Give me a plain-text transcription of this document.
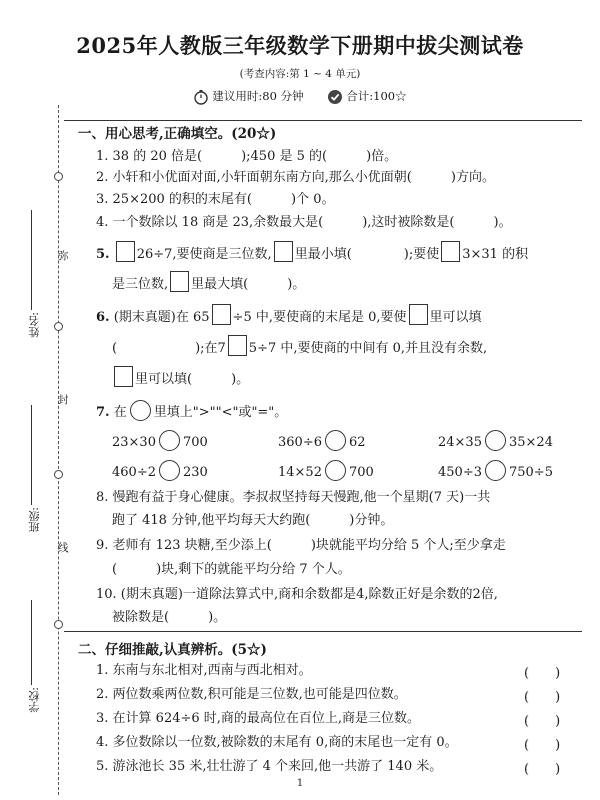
弥
封
线
姓名:
班级:
学校:
2025年人教版三年级数学下册期中拔尖测试卷
(考查内容:第 1 ~ 4 单元)
建议用时:80 分钟	合计:100☆
一、用心思考,正确填空。(20☆)
1. 38 的 20 倍是(　　　);450 是 5 的(　　　)倍。
2. 小轩和小优面对面,小轩面朝东南方向,那么小优面朝(　　　)方向。
3. 25×200 的积的末尾有(　　　)个 0。
4. 一个数除以 18 商是 23,余数最大是(　　　),这时被除数是(　　　)。
5. 26÷7,要使商是三位数, 里最小填(　　　　);要使 3×31 的积
是三位数, 里最大填(　　　)。
6. (期末真题)在 65 ÷5 中,要使商的末尾是 0,要使 里可以填
(　　　　　　);在7 5÷7 中,要使商的中间有 0,并且没有余数,
里可以填(　　　)。
7. 在 里填上">""<"或"="。
23×30 700	360÷6 62	24×35 35×24
460÷2 230	14×52 700	450÷3 750÷5
8. 慢跑有益于身心健康。李叔叔坚持每天慢跑,他一个星期(7 天)一共
跑了 418 分钟,他平均每天大约跑(　　　)分钟。
9. 老师有 123 块糖,至少添上(　　　)块就能平均分给 5 个人;至少拿走
(　　　)块,剩下的就能平均分给 7 个人。
10. (期末真题)一道除法算式中,商和余数都是4,除数正好是余数的2倍,
被除数是(　　　)。
二、仔细推敲,认真辨析。(5☆)
1. 东南与东北相对,西南与西北相对。	(　　)
2. 两位数乘两位数,积可能是三位数,也可能是四位数。	(　　)
3. 在计算 624÷6 时,商的最高位在百位上,商是三位数。	(　　)
4. 多位数除以一位数,被除数的末尾有 0,商的末尾也一定有 0。	(　　)
5. 游泳池长 35 米,壮壮游了 4 个来回,他一共游了 140 米。	(　　)
1
